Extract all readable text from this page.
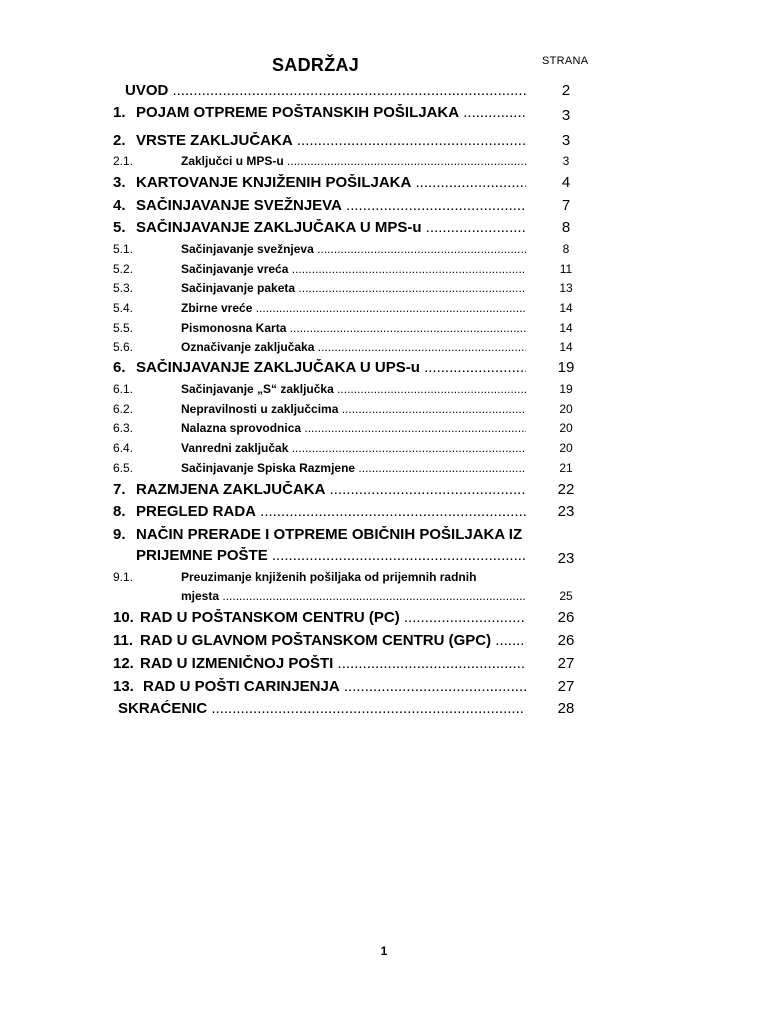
SADRŽAJ	STRANA
UVOD .....	2
1. POJAM OTPREME POŠTANSKIH POŠILJAKA .....	3
2. VRSTE ZAKLJUČAKA .....	3
2.1.	Zaključci u MPS-u .....	3
3. KARTOVANJE KNJIŽENIH POŠILJAKA .....	4
4. SAČINJAVANJE SVEŽNJEVA .....	7
5. SAČINJAVANJE ZAKLJUČAKA U MPS-u .....	8
5.1.	Sačinjavanje svežnjeva .....	8
5.2.	Sačinjavanje vreća .....	11
5.3.	Sačinjavanje paketa .....	13
5.4.	Zbirne vreće .....	14
5.5.	Pismonosna Karta .....	14
5.6.	Označivanje zaključaka .....	14
6. SAČINJAVANJE ZAKLJUČAKA U UPS-u .....	19
6.1.	Sačinjavanje „S“ zaključka .....	19
6.2.	Nepravilnosti u zaključcima .....	20
6.3.	Nalazna sprovodnica .....	20
6.4.	Vanredni zaključak .....	20
6.5.	Sačinjavanje Spiska Razmjene .....	21
7. RAZMJENA ZAKLJUČAKA .....	22
8. PREGLED RADA .....	23
9. NAČIN PRERADE I OTPREME OBIČNIH POŠILJAKA IZ
PRIJEMNE POŠTE .....	23
9.1.	Preuzimanje knjiženih pošiljaka od prijemnih radnih
mjesta .....	25
10. RAD U POŠTANSKOM CENTRU (PC) .....	26
11. RAD U GLAVNOM POŠTANSKOM CENTRU (GPC) .....	26
12. RAD U IZMENIČNOJ POŠTI .....	27
13. RAD U POŠTI CARINJENJA .....	27
SKRAĆENIC .....	28
1
